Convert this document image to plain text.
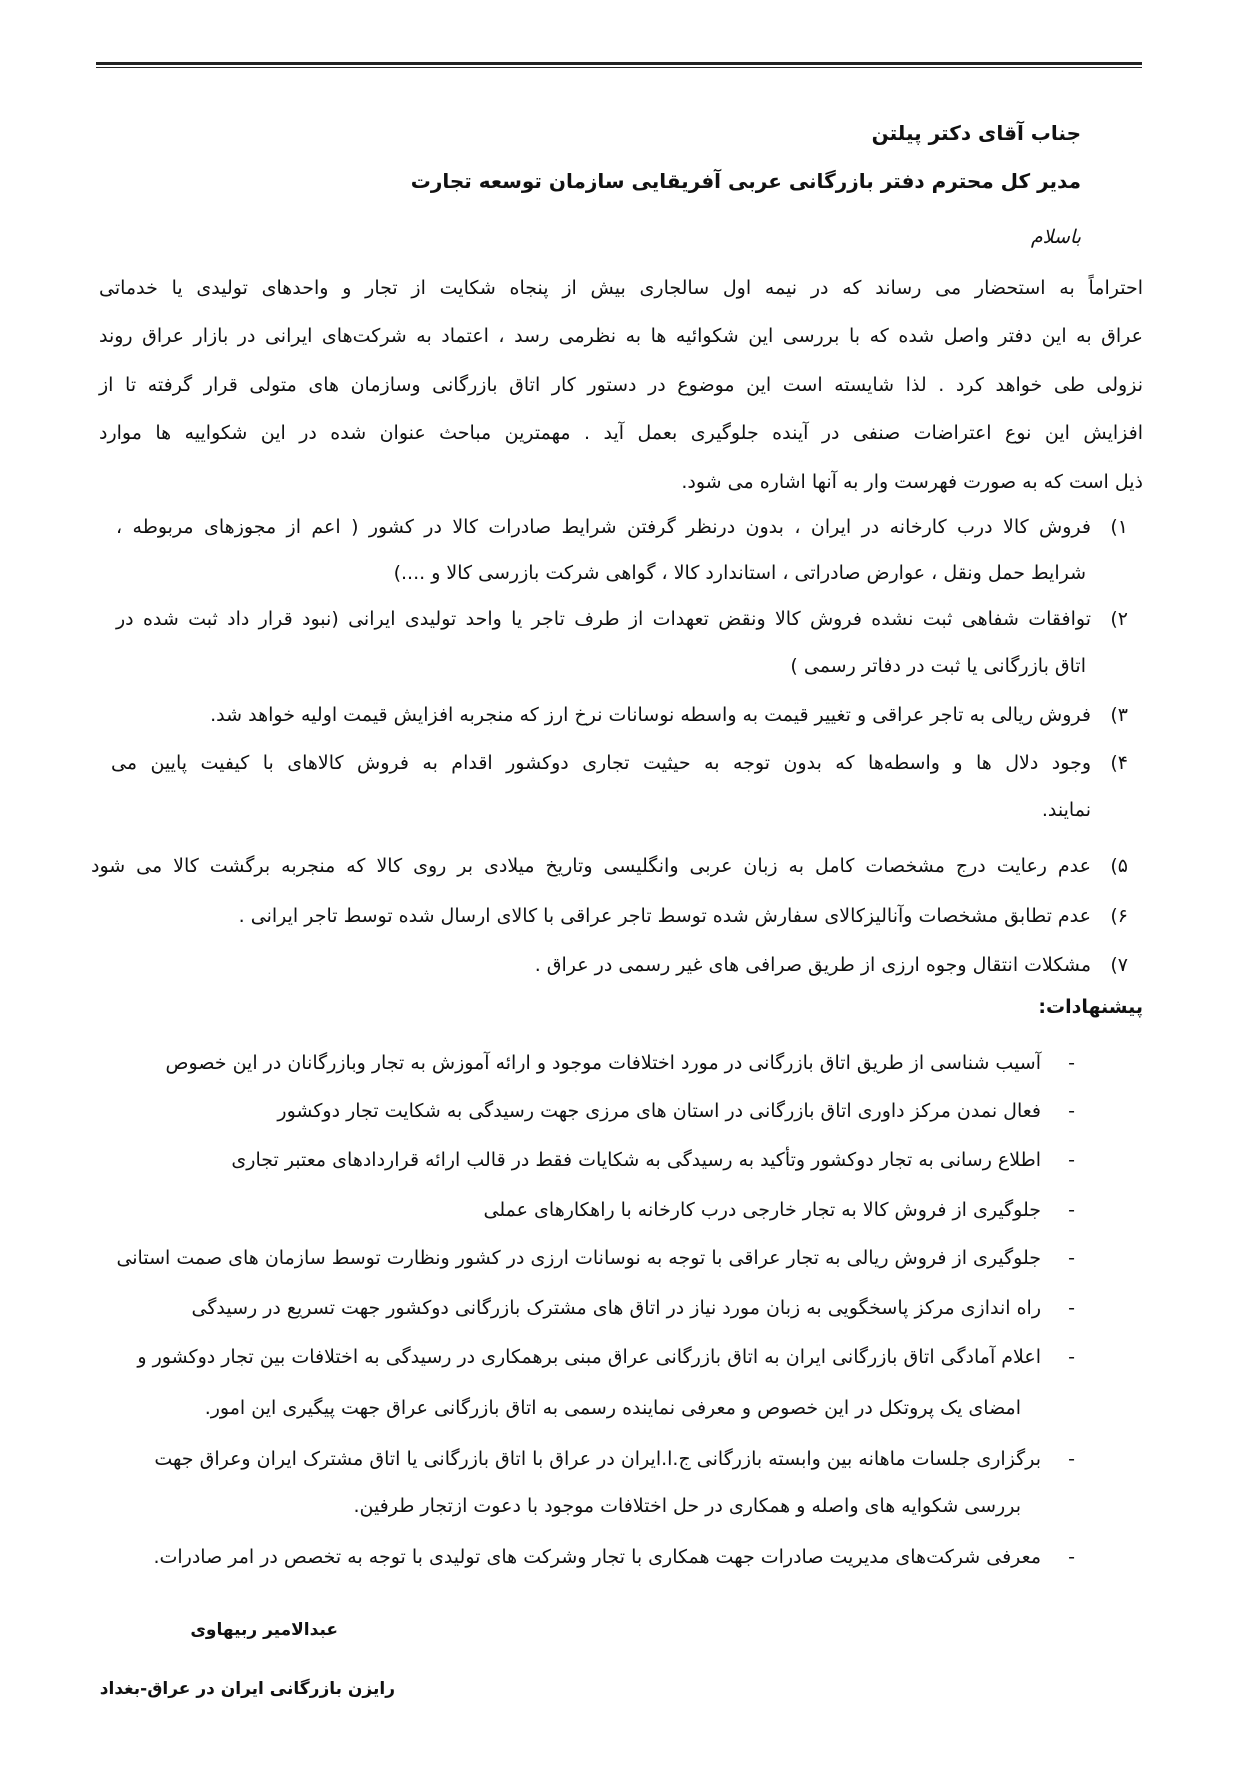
جناب آقای دکتر پیلتن
مدیر کل محترم دفتر بازرگانی عربی آفریقایی سازمان توسعه تجارت
باسلام
احتراماً به استحضار می رساند که در نیمه اول سالجاری بیش از پنجاه شکایت از تجار و واحدهای تولیدی یا خدماتی
عراق به این دفتر واصل شده که با بررسی این شکوائیه ها به نظرمی رسد ، اعتماد به شرکت‌های ایرانی در بازار عراق روند
نزولی طی خواهد کرد . لذا شایسته است این موضوع در دستور کار اتاق بازرگانی وسازمان های متولی قرار گرفته تا از
افزایش این نوع اعتراضات صنفی در آینده جلوگیری بعمل آید . مهمترین مباحث عنوان شده در این شکواییه ها موارد
ذیل است که به صورت فهرست وار به آنها اشاره می شود.
۱)
فروش کالا درب کارخانه در ایران ، بدون درنظر گرفتن شرایط صادرات کالا در کشور ( اعم از مجوزهای مربوطه ،
شرایط حمل ونقل ، عوارض صادراتی ، استاندارد کالا ، گواهی شرکت بازرسی کالا و ....)
۲)
توافقات شفاهی ثبت نشده فروش کالا ونقض تعهدات از طرف تاجر یا واحد تولیدی ایرانی (نبود قرار داد ثبت شده در
اتاق بازرگانی یا ثبت در دفاتر رسمی )
۳)
فروش ریالی به تاجر عراقی و تغییر قیمت به واسطه نوسانات نرخ ارز که منجربه افزایش قیمت اولیه خواهد شد.
۴)
وجود دلال ها و واسطه‌ها که بدون توجه به حیثیت تجاری دوکشور اقدام به فروش کالاهای با کیفیت پایین می
نمایند.
۵)
عدم رعایت درج مشخصات کامل به زبان عربی وانگلیسی وتاریخ میلادی بر روی کالا که منجربه برگشت کالا می شود
۶)
عدم تطابق مشخصات وآنالیزکالای سفارش شده توسط تاجر عراقی با کالای ارسال شده توسط تاجر ایرانی .
۷)
مشکلات انتقال وجوه ارزی از طریق صرافی های غیر رسمی در عراق .
پیشنهادات:
-
آسیب شناسی از طریق اتاق بازرگانی در مورد اختلافات موجود و ارائه آموزش به تجار وبازرگانان در این خصوص
-
فعال نمدن مرکز داوری اتاق بازرگانی در استان های مرزی جهت رسیدگی به شکایت تجار دوکشور
-
اطلاع رسانی به تجار دوکشور وتأکید به رسیدگی به شکایات فقط در قالب ارائه قراردادهای معتبر تجاری
-
جلوگیری از فروش کالا به تجار خارجی درب کارخانه با راهکارهای عملی
-
جلوگیری از فروش ریالی به تجار عراقی با توجه به نوسانات ارزی در کشور ونظارت توسط سازمان های صمت استانی
-
راه اندازی مرکز پاسخگویی به زبان مورد نیاز در اتاق های مشترک بازرگانی دوکشور جهت تسریع در رسیدگی
-
اعلام آمادگی اتاق بازرگانی ایران به اتاق بازرگانی عراق مبنی برهمکاری در رسیدگی به اختلافات بین تجار دوکشور و
امضای یک پروتکل در این خصوص و معرفی نماینده رسمی به اتاق بازرگانی عراق جهت پیگیری این امور.
-
برگزاری جلسات ماهانه بین وابسته بازرگانی ج.ا.ایران در عراق با اتاق بازرگانی یا اتاق مشترک ایران وعراق جهت
بررسی شکوایه های واصله و همکاری در حل اختلافات موجود با دعوت ازتجار طرفین.
-
معرفی شرکت‌های مدیریت صادرات جهت همکاری با تجار وشرکت های تولیدی با توجه به تخصص در امر صادرات.
عبدالامیر ربیهاوی
رایزن بازرگانی ایران در عراق-بغداد
